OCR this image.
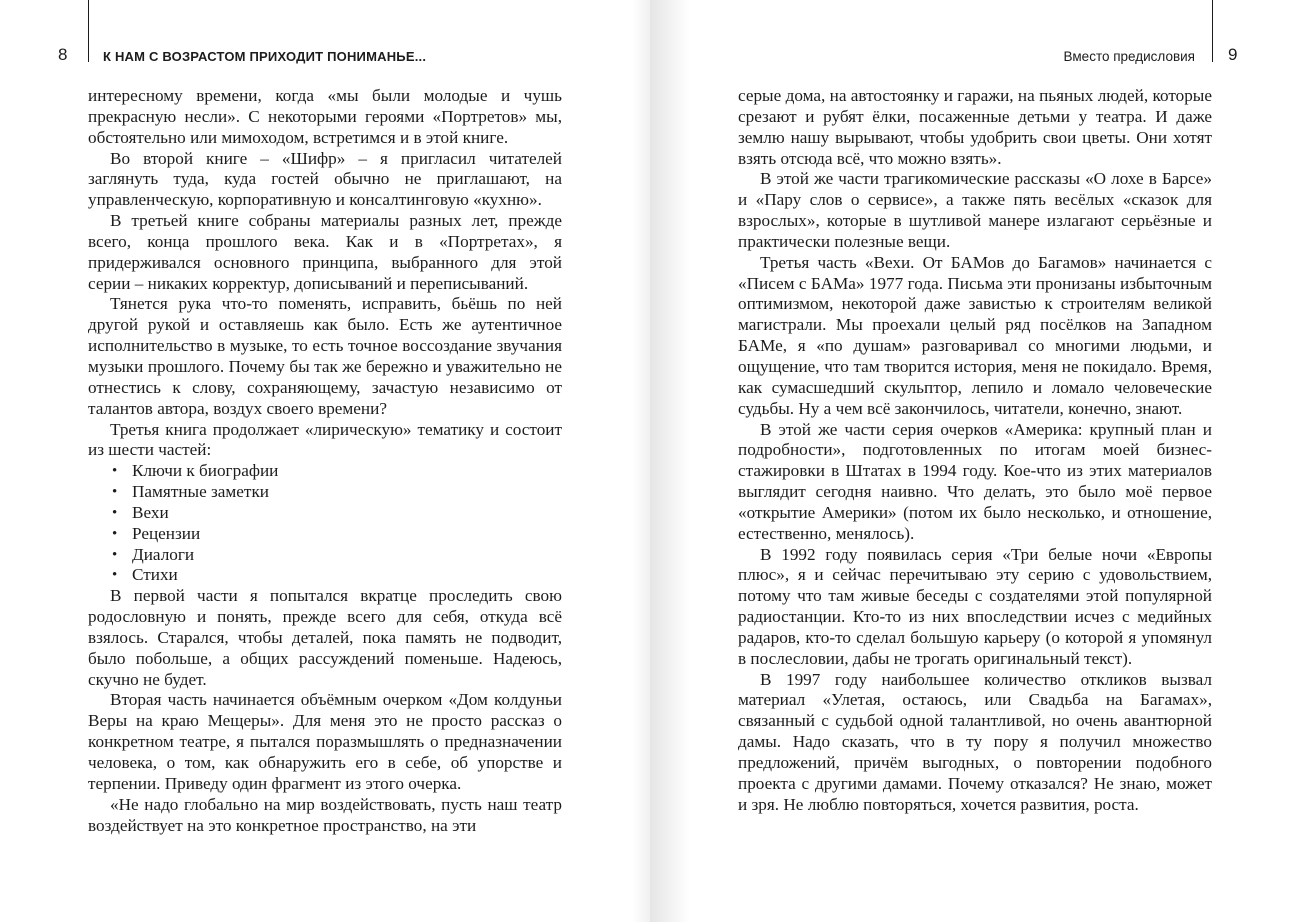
8	К НАМ С ВОЗРАСТОМ ПРИХОДИТ ПОНИМАНЬЕ...

интересному времени, когда «мы были молодые и чушь прекрасную несли». С некоторыми героями «Портретов» мы, обстоятельно или мимоходом, встретимся и в этой книге.

Во второй книге – «Шифр» – я пригласил читателей заглянуть туда, куда гостей обычно не приглашают, на управленческую, корпоративную и консалтинговую «кухню».

В третьей книге собраны материалы разных лет, прежде всего, конца прошлого века. Как и в «Портретах», я придерживался основного принципа, выбранного для этой серии – никаких корректур, дописываний и переписываний.

Тянется рука что-то поменять, исправить, бьёшь по ней другой рукой и оставляешь как было. Есть же аутентичное исполнительство в музыке, то есть точное воссоздание звучания музыки прошлого. Почему бы так же бережно и уважительно не отнестись к слову, сохраняющему, зачастую независимо от талантов автора, воздух своего времени?

Третья книга продолжает «лирическую» тематику и состоит из шести частей:

• Ключи к биографии
• Памятные заметки
• Вехи
• Рецензии
• Диалоги
• Стихи

В первой части я попытался вкратце проследить свою родословную и понять, прежде всего для себя, откуда всё взялось. Старался, чтобы деталей, пока память не подводит, было побольше, а общих рассуждений поменьше. Надеюсь, скучно не будет.

Вторая часть начинается объёмным очерком «Дом колдуньи Веры на краю Мещеры». Для меня это не просто рассказ о конкретном театре, я пытался поразмышлять о предназначении человека, о том, как обнаружить его в себе, об упорстве и терпении. Приведу один фрагмент из этого очерка.

«Не надо глобально на мир воздействовать, пусть наш театр воздействует на это конкретное пространство, на эти

9
Вместо предисловия

серые дома, на автостоянку и гаражи, на пьяных людей, которые срезают и рубят ёлки, посаженные детьми у театра. И даже землю нашу вырывают, чтобы удобрить свои цветы. Они хотят взять отсюда всё, что можно взять».

В этой же части трагикомические рассказы «О лохе в Барсе» и «Пару слов о сервисе», а также пять весёлых «сказок для взрослых», которые в шутливой манере излагают серьёзные и практически полезные вещи.

Третья часть «Вехи. От БАМов до Багамов» начинается с «Писем с БАМа» 1977 года. Письма эти пронизаны избыточным оптимизмом, некоторой даже завистью к строителям великой магистрали. Мы проехали целый ряд посёлков на Западном БАМе, я «по душам» разговаривал со многими людьми, и ощущение, что там творится история, меня не покидало. Время, как сумасшедший скульптор, лепило и ломало человеческие судьбы. Ну а чем всё закончилось, читатели, конечно, знают.

В этой же части серия очерков «Америка: крупный план и подробности», подготовленных по итогам моей бизнес-стажировки в Штатах в 1994 году. Кое-что из этих материалов выглядит сегодня наивно. Что делать, это было моё первое «открытие Америки» (потом их было несколько, и отношение, естественно, менялось).

В 1992 году появилась серия «Три белые ночи «Европы плюс», я и сейчас перечитываю эту серию с удовольствием, потому что там живые беседы с создателями этой популярной радиостанции. Кто-то из них впоследствии исчез с медийных радаров, кто-то сделал большую карьеру (о которой я упомянул в послесловии, дабы не трогать оригинальный текст).

В 1997 году наибольшее количество откликов вызвал материал «Улетая, остаюсь, или Свадьба на Багамах», связанный с судьбой одной талантливой, но очень авантюрной дамы. Надо сказать, что в ту пору я получил множество предложений, причём выгодных, о повторении подобного проекта с другими дамами. Почему отказался? Не знаю, может и зря. Не люблю повторяться, хочется развития, роста.
